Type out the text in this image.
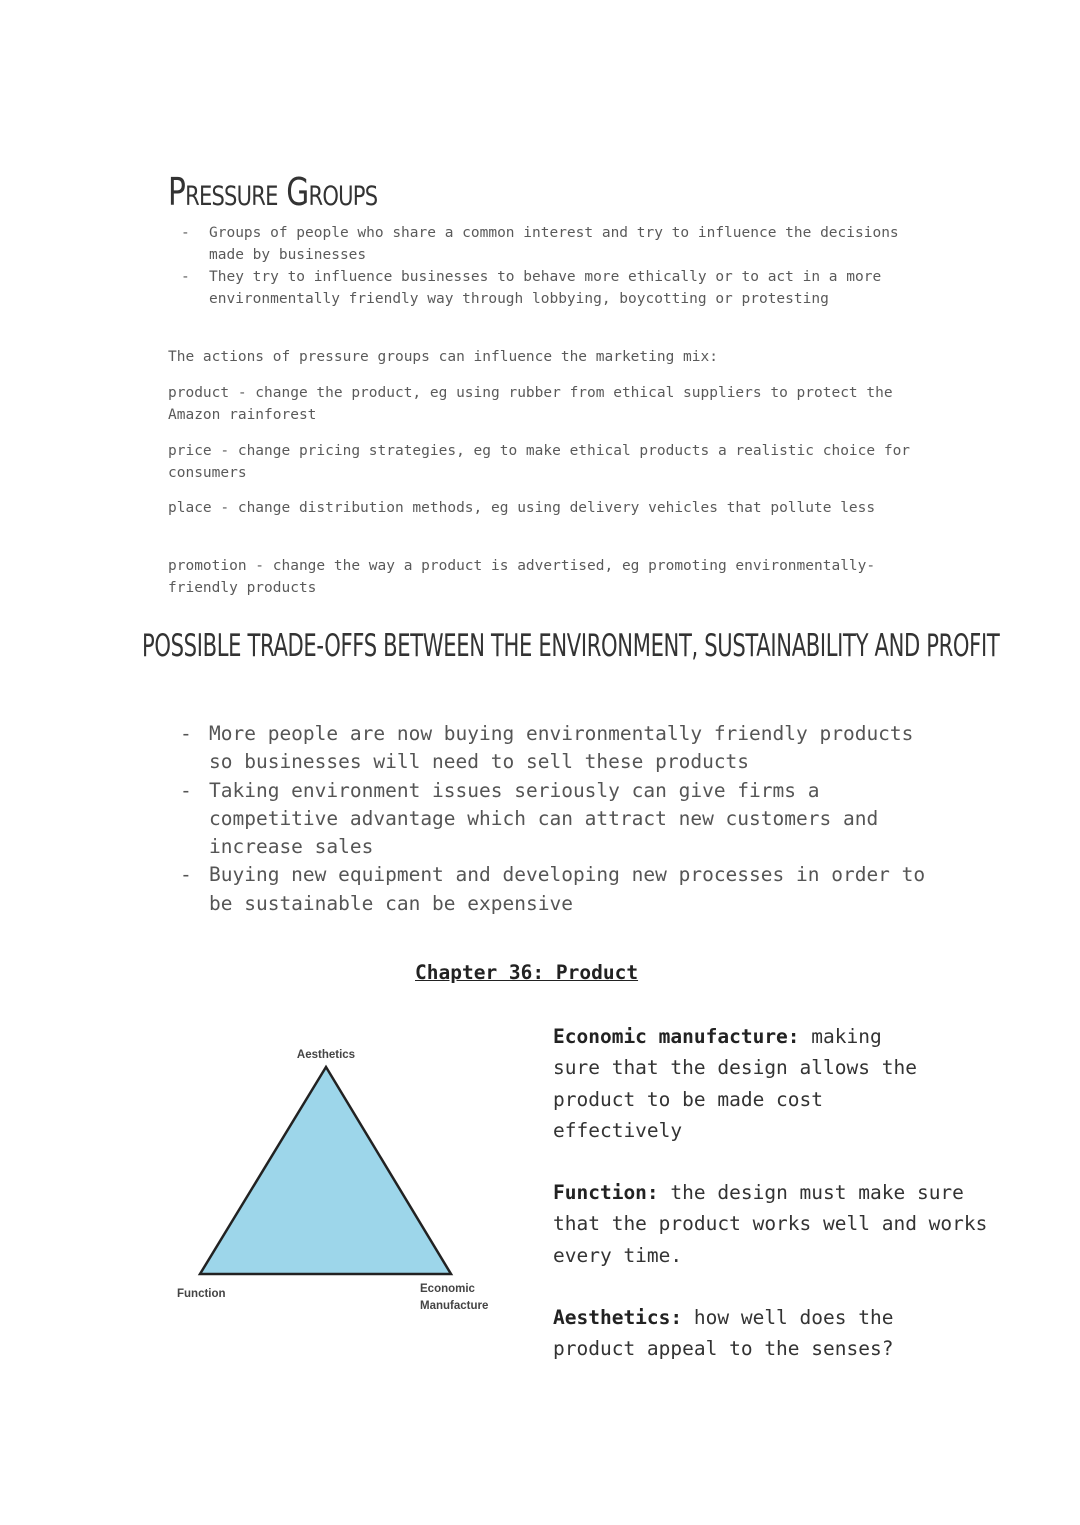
Pressure Groups
- Groups of people who share a common interest and try to influence the decisions made by businesses
- They try to influence businesses to behave more ethically or to act in a more environmentally friendly way through lobbying, boycotting or protesting

The actions of pressure groups can influence the marketing mix:

product - change the product, eg using rubber from ethical suppliers to protect the Amazon rainforest

price - change pricing strategies, eg to make ethical products a realistic choice for consumers

place - change distribution methods, eg using delivery vehicles that pollute less

promotion - change the way a product is advertised, eg promoting environmentally-friendly products

POSSIBLE TRADE-OFFS BETWEEN THE ENVIRONMENT, SUSTAINABILITY AND PROFIT
- More people are now buying environmentally friendly products so businesses will need to sell these products
- Taking environment issues seriously can give firms a competitive advantage which can attract new customers and increase sales
- Buying new equipment and developing new processes in order to be sustainable can be expensive

Chapter 36: Product

Aesthetics
Function	Economic
Manufacture

Economic manufacture: making sure that the design allows the product to be made cost effectively

Function: the design must make sure that the product works well and works every time.

Aesthetics: how well does the product appeal to the senses?
